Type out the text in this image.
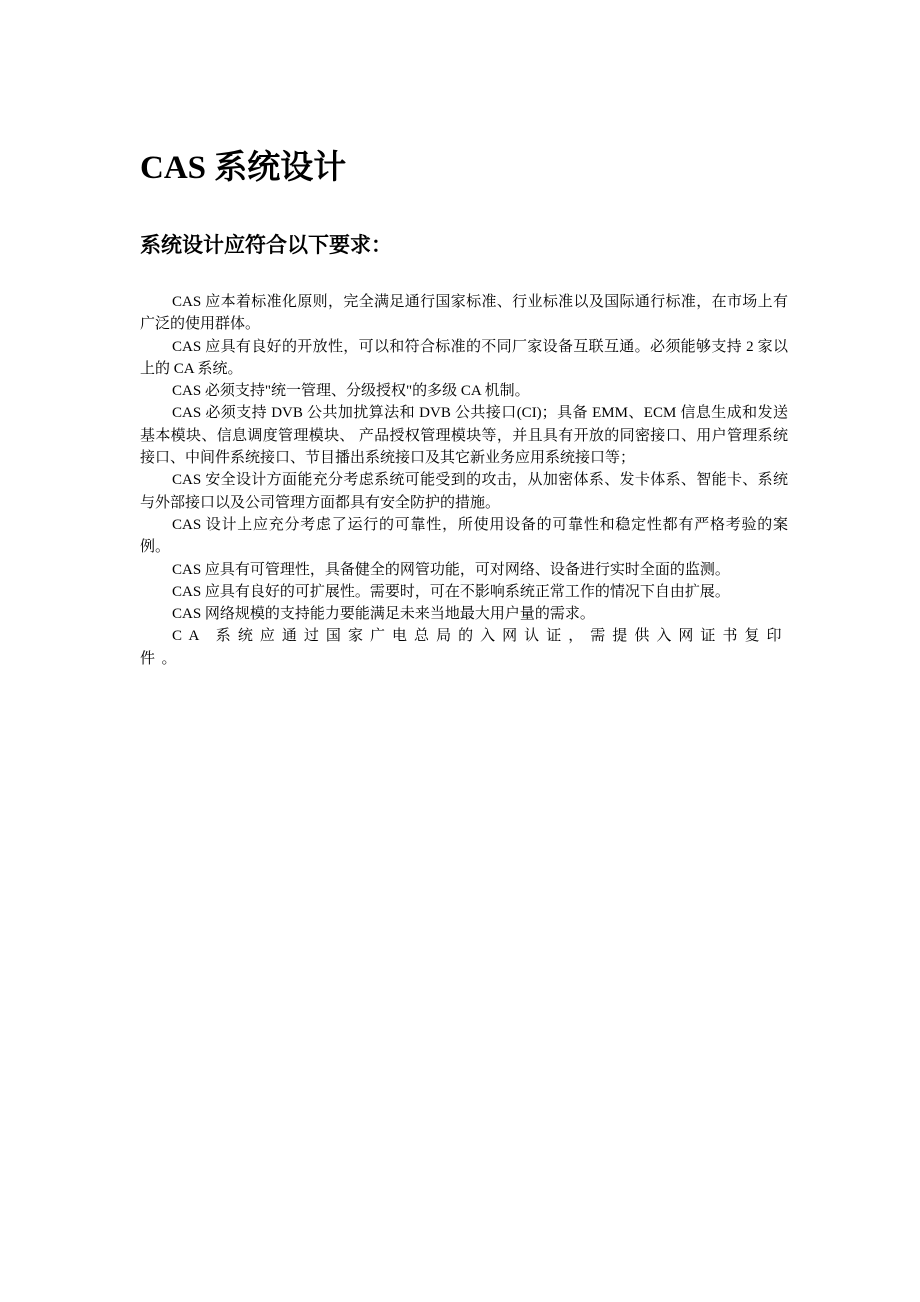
CAS 系统设计
系统设计应符合以下要求：

CAS 应本着标准化原则，完全满足通行国家标准、行业标准以及国际通行标准，在市场上有广泛的使用群体。

CAS 应具有良好的开放性，可以和符合标准的不同厂家设备互联互通。必须能够支持 2 家以上的 CA 系统。

CAS 必须支持"统一管理、分级授权"的多级 CA 机制。

CAS 必须支持 DVB 公共加扰算法和 DVB 公共接口(CI)；具备 EMM、ECM 信息生成和发送基本模块、信息调度管理模块、 产品授权管理模块等，并且具有开放的同密接口、用户管理系统接口、中间件系统接口、节目播出系统接口及其它新业务应用系统接口等；

CAS 安全设计方面能充分考虑系统可能受到的攻击，从加密体系、发卡体系、智能卡、系统与外部接口以及公司管理方面都具有安全防护的措施。

CAS 设计上应充分考虑了运行的可靠性，所使用设备的可靠性和稳定性都有严格考验的案例。

CAS 应具有可管理性，具备健全的网管功能，可对网络、设备进行实时全面的监测。

CAS 应具有良好的可扩展性。需要时，可在不影响系统正常工作的情况下自由扩展。

CAS 网络规模的支持能力要能满足未来当地最大用户量的需求。

CA 系统应通过国家广电总局的入网认证，需提供入网证书复印件。
